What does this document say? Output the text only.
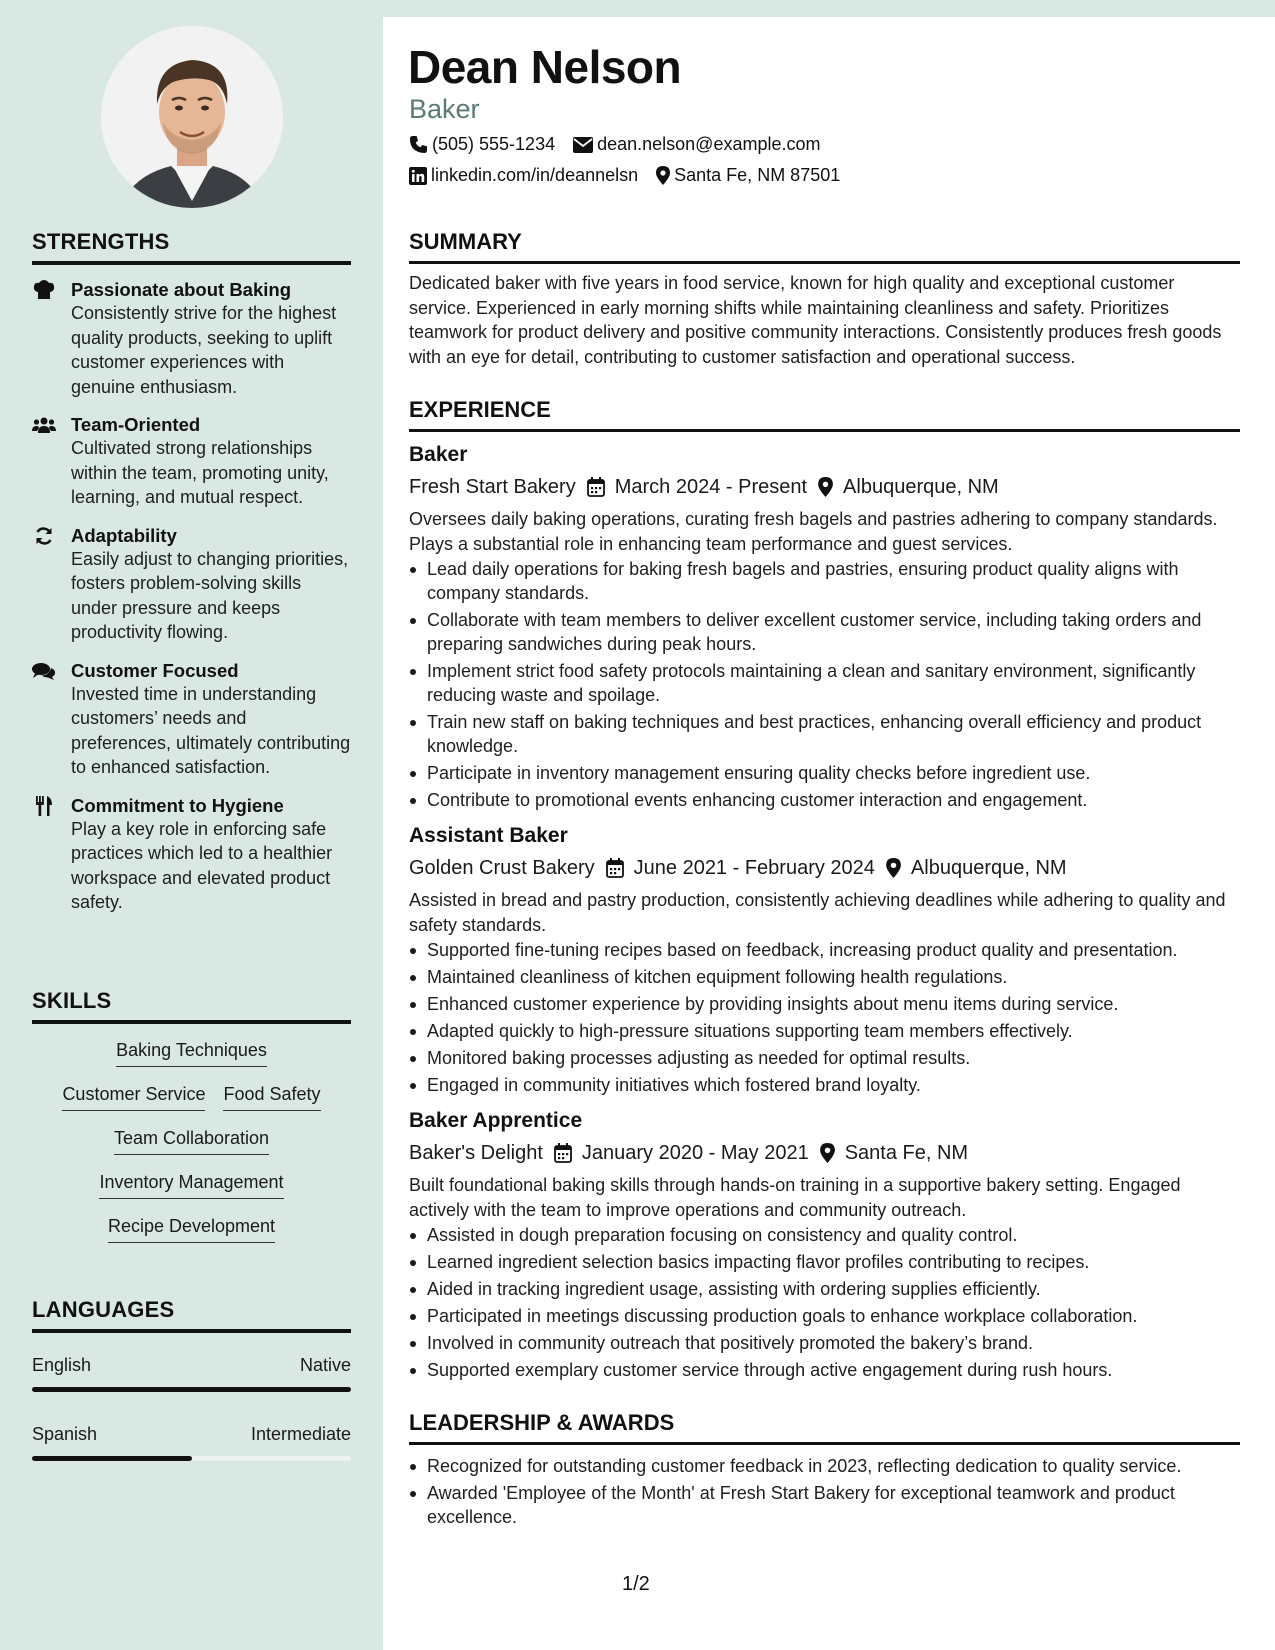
STRENGTHS
Passionate about Baking
Consistently strive for the highest quality products, seeking to uplift customer experiences with genuine enthusiasm.
Team-Oriented
Cultivated strong relationships within the team, promoting unity, learning, and mutual respect.
Adaptability
Easily adjust to changing priorities, fosters problem-solving skills under pressure and keeps productivity flowing.
Customer Focused
Invested time in understanding customers’ needs and preferences, ultimately contributing to enhanced satisfaction.
Commitment to Hygiene
Play a key role in enforcing safe practices which led to a healthier workspace and elevated product safety.
SKILLS
Baking Techniques
Customer Service Food Safety
Team Collaboration
Inventory Management
Recipe Development
LANGUAGES
English	Native
Spanish	Intermediate
Dean Nelson
Baker
(505) 555-1234 dean.nelson@example.com
linkedin.com/in/deannelsn Santa Fe, NM 87501
SUMMARY
Dedicated baker with five years in food service, known for high quality and exceptional customer service. Experienced in early morning shifts while maintaining cleanliness and safety. Prioritizes teamwork for product delivery and positive community interactions. Consistently produces fresh goods with an eye for detail, contributing to customer satisfaction and operational success.
EXPERIENCE
Baker
Fresh Start Bakery March 2024 - Present Albuquerque, NM
Oversees daily baking operations, curating fresh bagels and pastries adhering to company standards. Plays a substantial role in enhancing team performance and guest services.
Lead daily operations for baking fresh bagels and pastries, ensuring product quality aligns with company standards.
Collaborate with team members to deliver excellent customer service, including taking orders and preparing sandwiches during peak hours.
Implement strict food safety protocols maintaining a clean and sanitary environment, significantly reducing waste and spoilage.
Train new staff on baking techniques and best practices, enhancing overall efficiency and product knowledge.
Participate in inventory management ensuring quality checks before ingredient use.
Contribute to promotional events enhancing customer interaction and engagement.
Assistant Baker
Golden Crust Bakery June 2021 - February 2024 Albuquerque, NM
Assisted in bread and pastry production, consistently achieving deadlines while adhering to quality and safety standards.
Supported fine-tuning recipes based on feedback, increasing product quality and presentation.
Maintained cleanliness of kitchen equipment following health regulations.
Enhanced customer experience by providing insights about menu items during service.
Adapted quickly to high-pressure situations supporting team members effectively.
Monitored baking processes adjusting as needed for optimal results.
Engaged in community initiatives which fostered brand loyalty.
Baker Apprentice
Baker's Delight January 2020 - May 2021 Santa Fe, NM
Built foundational baking skills through hands-on training in a supportive bakery setting. Engaged actively with the team to improve operations and community outreach.
Assisted in dough preparation focusing on consistency and quality control.
Learned ingredient selection basics impacting flavor profiles contributing to recipes.
Aided in tracking ingredient usage, assisting with ordering supplies efficiently.
Participated in meetings discussing production goals to enhance workplace collaboration.
Involved in community outreach that positively promoted the bakery’s brand.
Supported exemplary customer service through active engagement during rush hours.
LEADERSHIP & AWARDS
Recognized for outstanding customer feedback in 2023, reflecting dedication to quality service.
Awarded 'Employee of the Month' at Fresh Start Bakery for exceptional teamwork and product excellence.
1/2
